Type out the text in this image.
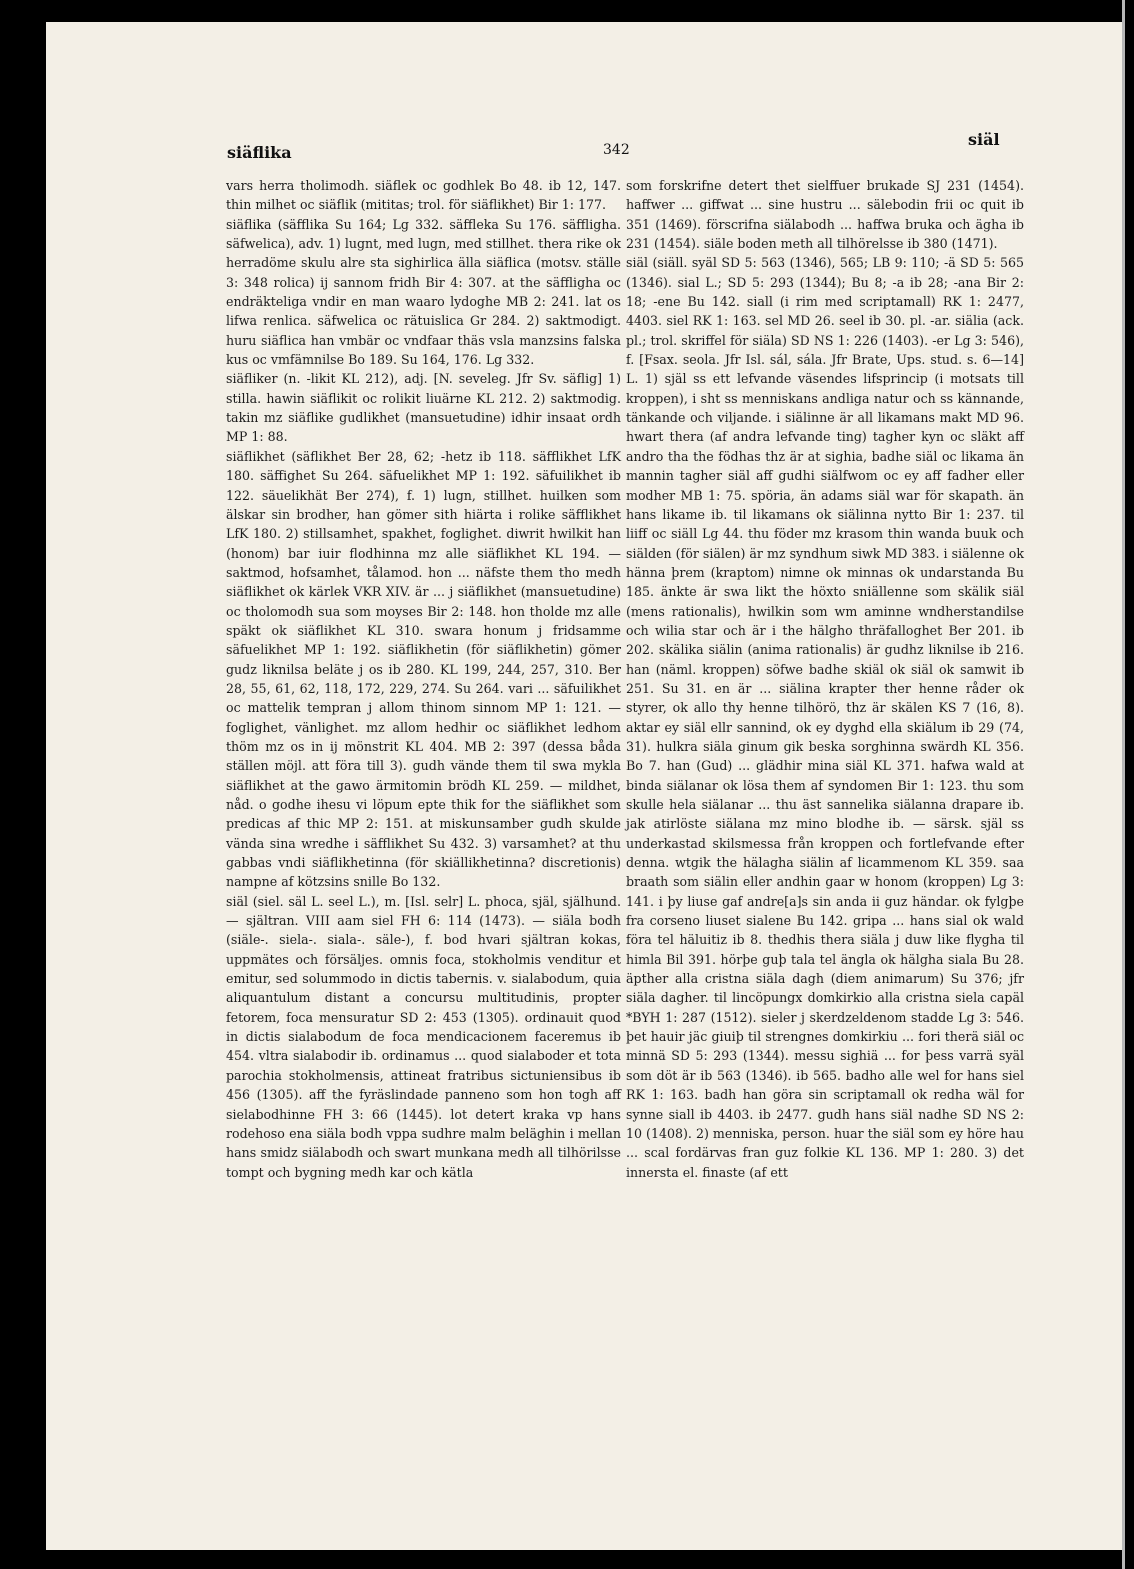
siäflika	342
siäl

vars herra tholimodh. siäflek oc godhlek Bo 48. ib 12, 147. thin milhet oc siäflik (mititas; trol. för siäflikhet) Bir 1: 177.

siäflika (säfflika Su 164; Lg 332. säffleka Su 176. säffligha. säfwelica), adv. 1) lugnt, med lugn, med stillhet. thera rike ok herradöme skulu alre sta sighirlica älla siäflica (motsv. ställe 3: 348 rolica) ij sannom fridh Bir 4: 307. at the säffligha oc endräkteliga vndir en man waaro lydoghe MB 2: 241. lat os lifwa renlica. säfwelica oc rätuislica Gr 284. 2) saktmodigt. huru siäflica han vmbär oc vndfaar thäs vsla manzsins falska kus oc vmfämnilse Bo 189. Su 164, 176. Lg 332.

siäfliker (n. -likit KL 212), adj. [N. seveleg. Jfr Sv. säflig] 1) stilla. hawin siäflikit oc rolikit liuärne KL 212. 2) saktmodig. takin mz siäflike gudlikhet (mansuetudine) idhir insaat ordh MP 1: 88.

siäflikhet (säflikhet Ber 28, 62; -hetz ib 118. säfflikhet LfK 180. säffighet Su 264. säfuelikhet MP 1: 192. säfuilikhet ib 122. säuelikhät Ber 274), f. 1) lugn, stillhet. huilken som älskar sin brodher, han gömer sith hiärta i rolike säfflikhet LfK 180. 2) stillsamhet, spakhet, foglighet. diwrit hwilkit han (honom) bar iuir flodhinna mz alle siäflikhet KL 194. — saktmod, hofsamhet, tålamod. hon ... näfste them tho medh siäflikhet ok kärlek VKR XIV. är ... j siäflikhet (mansuetudine) oc tholomodh sua som moyses Bir 2: 148. hon tholde mz alle späkt ok siäflikhet KL 310. swara honum j fridsamme säfuelikhet MP 1: 192. siäflikhetin (för siäflikhetin) gömer gudz liknilsa beläte j os ib 280. KL 199, 244, 257, 310. Ber 28, 55, 61, 62, 118, 172, 229, 274. Su 264. vari ... säfuilikhet oc mattelik tempran j allom thinom sinnom MP 1: 121. — foglighet, vänlighet. mz allom hedhir oc siäflikhet ledhom thöm mz os in ij mönstrit KL 404. MB 2: 397 (dessa båda ställen möjl. att föra till 3). gudh vände them til swa mykla siäflikhet at the gawo ärmitomin brödh KL 259. — mildhet, nåd. o godhe ihesu vi löpum epte thik for the siäflikhet som predicas af thic MP 2: 151. at miskunsamber gudh skulde vända sina wredhe i säfflikhet Su 432. 3) varsamhet? at thu gabbas vndi siäflikhetinna (för skiällikhetinna? discretionis) nampne af kötzsins snille Bo 132.

siäl (siel. säl L. seel L.), m. [Isl. selr] L. phoca, själ, själhund. — själtran. VIII aam siel FH 6: 114 (1473). — siäla bodh (siäle-. siela-. siala-. säle-), f. bod hvari själtran kokas, uppmätes och försäljes. omnis foca, stokholmis venditur et emitur, sed solummodo in dictis tabernis. v. sialabodum, quia aliquantulum distant a concursu multitudinis, propter fetorem, foca mensuratur SD 2: 453 (1305). ordinauit quod in dictis sialabodum de foca mendicacionem faceremus ib 454. vltra sialabodir ib. ordinamus ... quod sialaboder et tota parochia stokholmensis, attineat fratribus sictuniensibus ib 456 (1305). aff the fyräslindade panneno som hon togh aff sielabodhinne FH 3: 66 (1445). lot detert kraka vp hans rodehoso ena siäla bodh vppa sudhre malm beläghin i mellan hans smidz siälabodh och swart munkana medh all tilhörilsse tompt och bygning medh kar och kätla

som forskrifne detert thet sielffuer brukade SJ 231 (1454). haffwer ... giffwat ... sine hustru ... sälebodin frii oc quit ib 351 (1469). förscrifna siälabodh ... haffwa bruka och ägha ib 231 (1454). siäle boden meth all tilhörelsse ib 380 (1471).

siäl (siäll. syäl SD 5: 563 (1346), 565; LB 9: 110; -ä SD 5: 565 (1346). sial L.; SD 5: 293 (1344); Bu 8; -a ib 28; -ana Bir 2: 18; -ene Bu 142. siall (i rim med scriptamall) RK 1: 2477, 4403. siel RK 1: 163. sel MD 26. seel ib 30. pl. -ar. siälia (ack. pl.; trol. skriffel för siäla) SD NS 1: 226 (1403). -er Lg 3: 546), f. [Fsax. seola. Jfr Isl. sál, sála. Jfr Brate, Ups. stud. s. 6—14] L. 1) själ ss ett lefvande väsendes lifsprincip (i motsats till kroppen), i sht ss menniskans andliga natur och ss kännande, tänkande och viljande. i siälinne är all likamans makt MD 96. hwart thera (af andra lefvande ting) tagher kyn oc släkt aff andro tha the födhas thz är at sighia, badhe siäl oc likama än mannin tagher siäl aff gudhi siälfwom oc ey aff fadher eller modher MB 1: 75. spöria, än adams siäl war för skapath. än hans likame ib. til likamans ok siälinna nytto Bir 1: 237. til liiff oc siäll Lg 44. thu föder mz krasom thin wanda buuk och siälden (för siälen) är mz syndhum siwk MD 383. i siälenne ok hänna þrem (kraptom) nimne ok minnas ok undarstanda Bu 185. änkte är swa likt the höxto sniällenne som skälik siäl (mens rationalis), hwilkin som wm aminne wndherstandilse och wilia star och är i the hälgho thräfalloghet Ber 201. ib 202. skälika siälin (anima rationalis) är gudhz liknilse ib 216. han (näml. kroppen) söfwe badhe skiäl ok siäl ok samwit ib 251. Su 31. en är ... siälina krapter ther henne råder ok styrer, ok allo thy henne tilhörö, thz är skälen KS 7 (16, 8). aktar ey siäl ellr sannind, ok ey dyghd ella skiälum ib 29 (74, 31). hulkra siäla ginum gik beska sorghinna swärdh KL 356. Bo 7. han (Gud) ... glädhir mina siäl KL 371. hafwa wald at binda siälanar ok lösa them af syndomen Bir 1: 123. thu som skulle hela siälanar ... thu äst sannelika siälanna drapare ib. jak atirlöste siälana mz mino blodhe ib. — särsk. själ ss underkastad skilsmessa från kroppen och fortlefvande efter denna. wtgik the hälagha siälin af licammenom KL 359. saa braath som siälin eller andhin gaar w honom (kroppen) Lg 3: 141. i þy liuse gaf andre[a]s sin anda ii guz händar. ok fylgþe fra corseno liuset sialene Bu 142. gripa ... hans sial ok wald föra tel häluitiz ib 8. thedhis thera siäla j duw like flygha til himla Bil 391. hörþe guþ tala tel ängla ok hälgha siala Bu 28. äpther alla cristna siäla dagh (diem animarum) Su 376; jfr siäla dagher. til lincöpungx domkirkio alla cristna siela capäl *BYH 1: 287 (1512). sieler j skerdzeldenom stadde Lg 3: 546. þet hauir jäc giuiþ til strengnes domkirkiu ... fori therä siäl oc minnä SD 5: 293 (1344). messu sighiä ... for þess varrä syäl som döt är ib 563 (1346). ib 565. badho alle wel for hans siel RK 1: 163. badh han göra sin scriptamall ok redha wäl for synne siall ib 4403. ib 2477. gudh hans siäl nadhe SD NS 2: 10 (1408). 2) menniska, person. huar the siäl som ey höre hau ... scal fordärvas fran guz folkie KL 136. MP 1: 280. 3) det innersta el. finaste (af ett
